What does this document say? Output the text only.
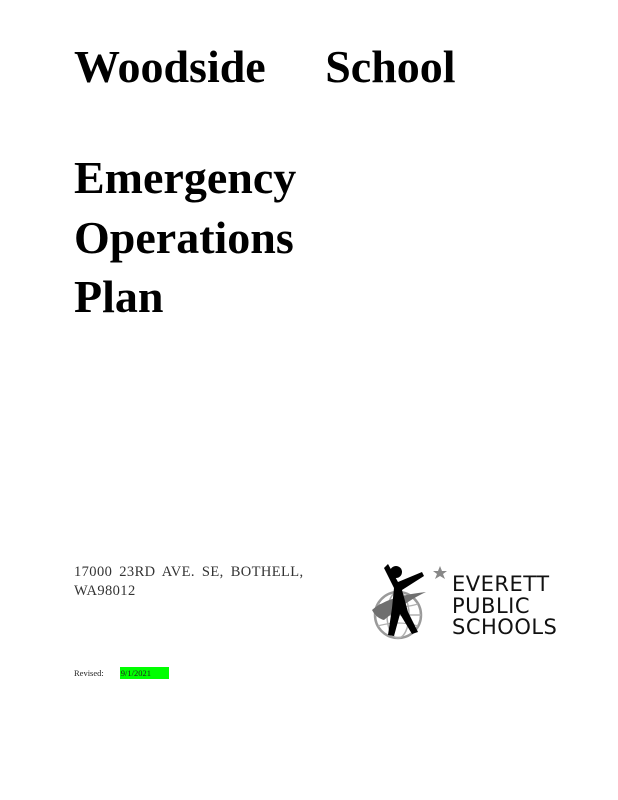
Woodside School
Emergency
Operations
Plan
17000 23RD AVE. SE, BOTHELL, WA98012	EVERETT
PUBLIC
SCHOOLS
Revised: 9/1/2021
